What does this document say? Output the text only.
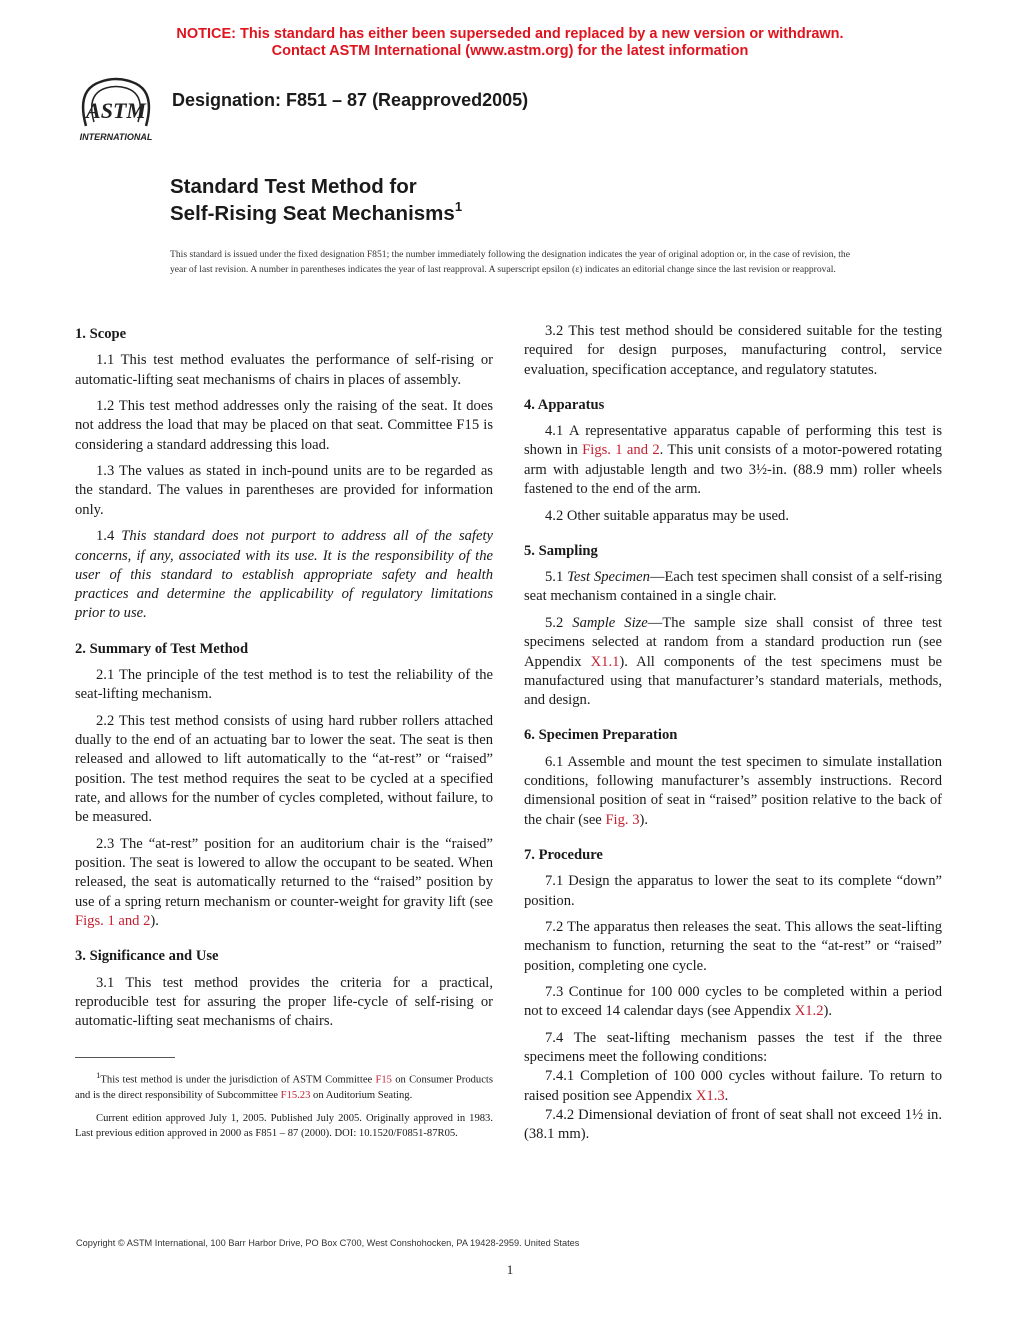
NOTICE: This standard has either been superseded and replaced by a new version or withdrawn.
Contact ASTM International (www.astm.org) for the latest information
ASTM
INTERNATIONAL
Designation: F851 – 87 (Reapproved2005)
Standard Test Method for
Self-Rising Seat Mechanisms$^1$
This standard is issued under the fixed designation F851; the number immediately following the designation indicates the year of original adoption or, in the case of revision, the year of last revision. A number in parentheses indicates the year of last reapproval. A superscript epsilon (ε) indicates an editorial change since the last revision or reapproval.
1. Scope

1.1 This test method evaluates the performance of self-rising or automatic-lifting seat mechanisms of chairs in places of assembly.

1.2 This test method addresses only the raising of the seat. It does not address the load that may be placed on that seat. Committee F15 is considering a standard addressing this load.

1.3 The values as stated in inch-pound units are to be regarded as the standard. The values in parentheses are provided for information only.

1.4 This standard does not purport to address all of the safety concerns, if any, associated with its use. It is the responsibility of the user of this standard to establish appropriate safety and health practices and determine the applicability of regulatory limitations prior to use.

2. Summary of Test Method

2.1 The principle of the test method is to test the reliability of the seat-lifting mechanism.

2.2 This test method consists of using hard rubber rollers attached dually to the end of an actuating bar to lower the seat. The seat is then released and allowed to lift automatically to the “at-rest” or “raised” position. The test method requires the seat to be cycled at a specified rate, and allows for the number of cycles completed, without failure, to be measured.

2.3 The “at-rest” position for an auditorium chair is the “raised” position. The seat is lowered to allow the occupant to be seated. When released, the seat is automatically returned to the “raised” position by use of a spring return mechanism or counter-weight for gravity lift (see Figs. 1 and 2).

3. Significance and Use

3.1 This test method provides the criteria for a practical, reproducible test for assuring the proper life-cycle of self-rising or automatic-lifting seat mechanisms of chairs.

$^1$This test method is under the jurisdiction of ASTM Committee F15 on Consumer Products and is the direct responsibility of Subcommittee F15.23 on Auditorium Seating.

Current edition approved July 1, 2005. Published July 2005. Originally approved in 1983. Last previous edition approved in 2000 as F851 – 87 (2000). DOI: 10.1520/F0851-87R05.

3.2 This test method should be considered suitable for the testing required for design purposes, manufacturing control, service evaluation, specification acceptance, and regulatory statutes.

4. Apparatus

4.1 A representative apparatus capable of performing this test is shown in Figs. 1 and 2. This unit consists of a motor-powered rotating arm with adjustable length and two 3½-in. (88.9 mm) roller wheels fastened to the end of the arm.

4.2 Other suitable apparatus may be used.

5. Sampling

5.1 Test Specimen—Each test specimen shall consist of a self-rising seat mechanism contained in a single chair.

5.2 Sample Size—The sample size shall consist of three test specimens selected at random from a standard production run (see Appendix X1.1). All components of the test specimens must be manufactured using that manufacturer’s standard materials, methods, and design.

6. Specimen Preparation

6.1 Assemble and mount the test specimen to simulate installation conditions, following manufacturer’s assembly instructions. Record dimensional position of seat in “raised” position relative to the back of the chair (see Fig. 3).

7. Procedure

7.1 Design the apparatus to lower the seat to its complete “down” position.

7.2 The apparatus then releases the seat. This allows the seat-lifting mechanism to function, returning the seat to the “at-rest” or “raised” position, completing one cycle.

7.3 Continue for 100 000 cycles to be completed within a period not to exceed 14 calendar days (see Appendix X1.2).

7.4 The seat-lifting mechanism passes the test if the three specimens meet the following conditions:

7.4.1 Completion of 100 000 cycles without failure. To return to raised position see Appendix X1.3.

7.4.2 Dimensional deviation of front of seat shall not exceed 1½ in. (38.1 mm).

Copyright © ASTM International, 100 Barr Harbor Drive, PO Box C700, West Conshohocken, PA 19428-2959. United States
1
